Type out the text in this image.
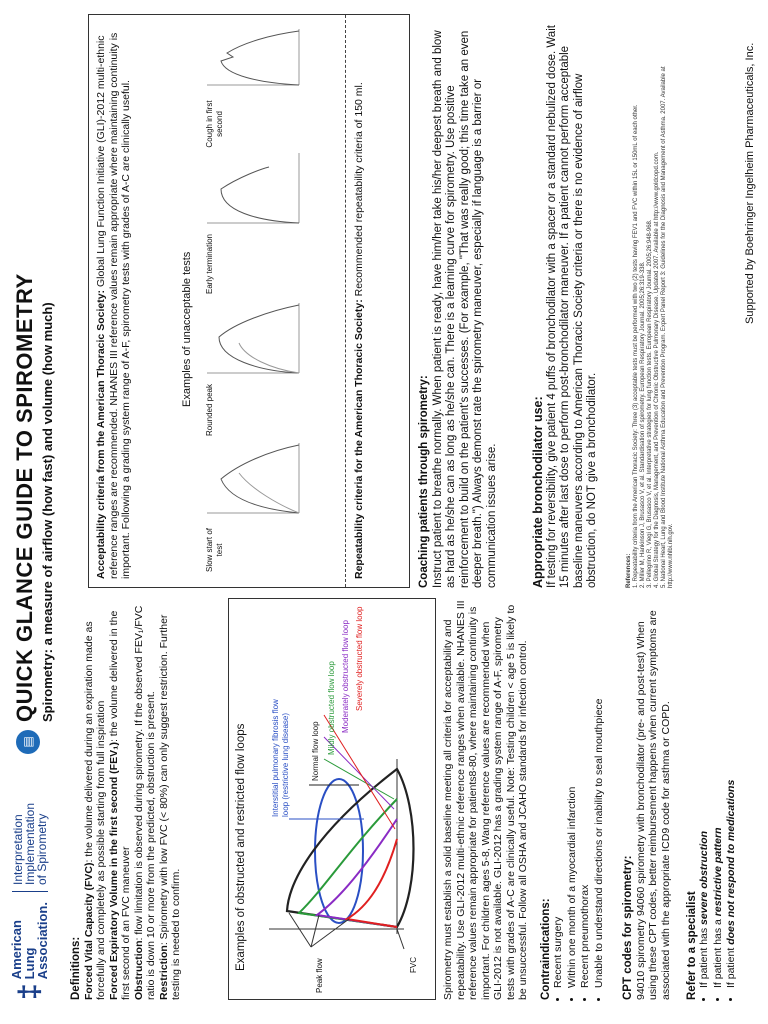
‡
American
Lung
Association.
Interpretation
Implementation
of Spirometry
▤
QUICK GLANCE GUIDE TO SPIROMETRY Spirometry: a measure of airflow (how fast) and volume (how much)
Definitions: Forced Vital Capacity (FVC): the volume delivered during an expiration made as forcefully and completely as possible starting from full inspiration Forced Expiratory Volume in the first second (FEV₁): the volume delivered in the first second of an FVC maneuver Obstruction: flow limitation is observed during spirometry. If the observed FEV₁/FVC ratio is down 10 or more from the predicted, obstruction is present. Restriction: Spirometry with low FVC (< 80%) can only suggest restriction. Further testing is needed to confirm.	Examples of obstructed and restricted flow loops
Peak flow	FVC
Interstitial pulmonary fibrosis flow loop (restrictive lung disease)	Normal flow loop Mildly obstructed flow loop Moderately obstructed flow loop Severely obstructed flow loop	Spirometry must establish a solid baseline meeting all criteria for acceptability and repeatability. Use GLI-2012 multi-ethnic reference ranges when available. NHANES III reference values remain appropriate for patients8-80, where maintaining continuity is important. For children ages 5-8, Wang reference values are recommended when GLI-2012 is not available. GLI-2012 has a grading system range of A-F, spirometry tests with grades of A-C are clinically useful. Note: Testing children < age 5 is likely to be unsuccessful. Follow all OSHA and JCAHO standards for infection control. Contraindications: • Recent surgery • Within one month of a myocardial infarction • Recent pneumothorax • Unable to understand directions or inability to seal mouthpiece CPT codes for spirometry: 94010 spirometry 94060 spirometry with bronchodilator (pre- and post-test) When using these CPT codes, better reimbursement happens when current symptoms are associated with the appropriate ICD9 code for asthma or COPD. Refer to a specialist • If patient has severe obstruction
• If patient has a restrictive pattern
• If patient does not respond to medications
Acceptability criteria from the American Thoracic Society: Global Lung Function Initiative (GLI)-2012 multi-ethnic reference ranges are recommended. NHANES III reference values remain appropriate where maintaining continuity is important. Following a grading system range of A-F, spirometry tests with grades of A-C are clinically useful.	Examples of unacceptable tests
Slow start of test
Rounded peak
Early termination
Cough in first second
Repeatability criteria for the American Thoracic Society: Recommended repeatability criteria of 150 ml.
Coaching patients through spirometry: Instruct patient to breathe normally. When patient is ready, have him/her take his/her deepest breath and blow as hard as he/she can as long as he/she can. There is a learning curve for spirometry. Use positive reinforcement to build on the patient's successes. (For example, "That was really good; this time take an even deeper breath.") Always demonst rate the spirometry maneuver, especially if language is a barrier or communication issues arise.	Appropriate bronchodilator use: If testing for reversibility, give patient 4 puffs of bronchodilator with a spacer or a standard nebulized dose. Wait 15 minutes after last dose to perform post-bronchodilator maneuver. If a patient cannot perform acceptable baseline maneuvers according to American Thoracic Society criteria or there is no evidence of airflow obstruction, do NOT give a bronchodilator.	References: 1. Repeatability criteria from the American Thoracic Society: Three (3) acceptable tests must be performed with two (2) tests having FEV1 and FVC within 15L or 150mL of each other. 2. Miller M, Hankinson J, Brusasco V, et al. Standardisation of spirometry. European Respiratory Journal. 2005;26:319-338. 3. Pellegrino R, Viegi G, Brusasco V, et al. Interpretative strategies for lung function tests. European Respiratory Journal. 2005;26:948-968. 4. Global Strategy for the Diagnosis, Management, and Prevention of Chronic Obstructive Pulmonary Disease. Updated 2007. Available at http://www.goldcopd.com. 5. National Heart, Lung and Blood Institute National Asthma Education and Prevention Program. Expert Panel Report 3: Guidelines for the Diagnosis and Management of Asthma. 2007. Available at http://www.nhlbi.nih.gov.
Supported by Boehringer Ingelheim Pharmaceuticals, Inc.
